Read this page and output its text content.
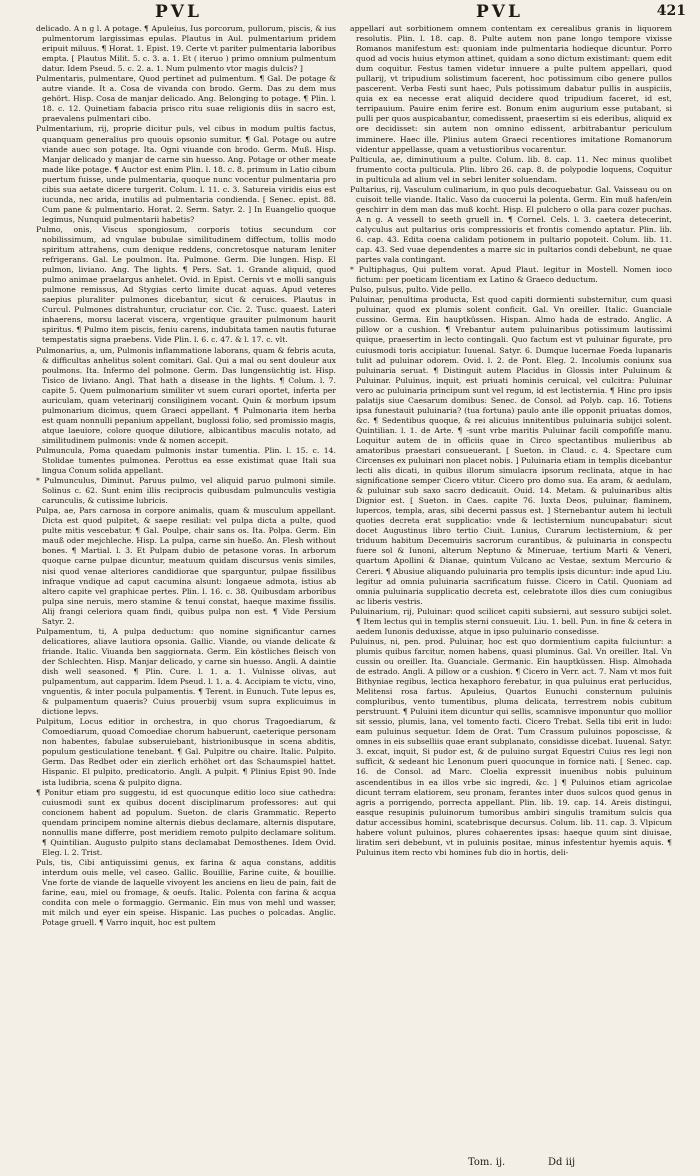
PVL	PVL	421

delicado. A n g l. A potage. ¶ Apuleius, Ius porcorum, pullorum, piscis, & ius pulmentorum largissimas epulas. Plautus in Aul. pulmentarium pridem eripuit miluus. ¶ Horat. 1. Epist. 19. Certe vt pariter pulmentaria laboribus empta. [ Plautus Milit. 5. c. 3. a. 1. Et ( iteruo ) primo omnium pulmentum datur. Idem Pseud. 5. c. 2. a. 1. Num pulmento vtor magis dulcis? ]

Pulmentaris, pulmentare, Quod pertinet ad pulmentum. ¶ Gal. De potage & autre viande. It a. Cosa de vivanda con brodo. Germ. Das zu dem mus gehört. Hisp. Cosa de manjar delicado. Ang. Belonging to potage. ¶ Plin. l. 18. c. 12. Quinetiam fabacia prisco ritu suae religionis diis in sacro est, praevalens pulmentari cibo.

Pulmentarium, rij, proprie dicitur puls, vel cibus in modum pultis factus, quanquam generalius pro quouis opsonio sumitur. ¶ Gal. Potage ou autre viande auec son potage. Ita. Ogni viuande con brodo. Germ. Muß. Hisp. Manjar delicado y manjar de carne sin huesso. Ang. Potage or other meate made like potage. ¶ Auctor est enim Plin. l. 18. c. 8. primum in Latio cibum puertum fuisse, unde pulmentaria, quoque nunc vocentur pulmentaria pro cibis sua aetate dicere turgerit. Colum. l. 11. c. 3. Satureia viridis eius est iucunda, nec arida, inutilis ad pulmentaria condienda. [ Senec. epist. 88. Cum pane & pulmentario. Horat. 2. Serm. Satyr. 2. ] In Euangelio quoque legimus, Nunquid pulmentarii habetis?

Pulmo, onis, Viscus spongiosum, corporis totius secundum cor nobilissimum, ad vngulae bubulae similitudinem diffectum, tollis modo spiritum attrahens, cum denique reddens, concretosque naturam leniter refrigerans. Gal. Le poulmon. Ita. Pulmone. Germ. Die lungen. Hisp. El pulmon, liviano. Ang. The lights. ¶ Pers. Sat. 1. Grande aliquid, quod pulmo animae praelargus anhelet. Ovid. in Epist. Cernis vt e molli sanguis pulmone remissus, Ad Stygias certo limite ducat aquas. Apud veteres saepius pluraliter pulmones dicebantur, sicut & ceruices. Plautus in Curcul. Pulmones distrahuntur, cruciatur cor. Cic. 2. Tusc. quaest. Lateri inhaerens, morsu lacerat viscera, vrgentique grauiter pulmonum haurit spiritus. ¶ Pulmo item piscis, feniu carens, indubitata tamen nautis futurae tempestatis signa praebens. Vide Plin. l. 6. c. 47. & l. 17. c. vlt.

Pulmonarius, a, um, Pulmonis inflammatione laborans, quam & febris acuta, & difficultas anhelitus solent comitari. Gal. Qui a mal ou sent douleur aux poulmons. Ita. Infermo del polmone. Germ. Das lungensüchtig ist. Hisp. Tisico de liviano. Angl. That hath a disease in the lights. ¶ Colum. l. 7. capite 5. Quem pulmonarium similiter vt suem curari oportet, inferta per auriculam, quam veterinarij consiliginem vocant. Quin & morbum ipsum pulmonarium dicimus, quem Graeci appellant. ¶ Pulmonaria item herba est quam nonnulli pepanium appellant, buglossi folio, sed promissio magis, atque laeuiore, colore quoque dilutiore, albicantibus maculis notato, ad similitudinem pulmonis: vnde & nomen accepit.

Pulmuncula, Poma quaedam pulmonis instar tumentia. Plin. l. 15. c. 14. Stolidae tumentes pulmonea. Perottus ea esse existimat quae Itali sua lingua Conum solida appellant.

* Pulmunculus, Diminut. Paruus pulmo, vel aliquid paruo pulmoni simile. Solinus c. 62. Sunt enim illis reciprocis quibusdam pulmunculis vestigia carunculis, & cutissime lubricis.

Pulpa, ae, Pars carnosa in corpore animalis, quam & musculum appellant. Dicta est quod pulpitet, & saepe resiliat: vel pulpa dicta a pulte, quod pulte mitis vescebatur. ¶ Gal. Poulpe, chair sans os. Ita. Polpa. Germ. Ein mauß oder mejchleche. Hisp. La pulpa, carne sin hueßo. An. Flesh without bones. ¶ Martial. l. 3. Et Pulpam dubio de petasone voras. In arborum quoque carne pulpae dicuntur, meatuum quidam discursus venis similes, nisi quod venae alteriores candidiorae que sparguntur, pulpae fissilibus infraque vndique ad caput cacumina alsunt: longaeue admota, istius ab altero capite vel graphicae pertes. Plin. l. 16. c. 38. Quibusdam arboribus pulpa sine neruis, mero stamine & tenui constat, haeque maxime fissilis. Alij frangi celeriora quam findi, quibus pulpa non est. ¶ Vide Persium Satyr. 2.

Pulpamentum, ti, A pulpa deductum: quo nomine significantur carnes delicatiores, aliave lautiora opsonia. Gallic. Viande, ou viande delicate & friande. Italic. Viuanda ben saggiornata. Germ. Ein köstliches fleisch von der Schlechten. Hisp. Manjar delicado, y carne sin huesso. Angli. A daintie dish well seasoned. ¶ Plin. Cure. l. 1. a. 1. Vulnisse olivas, aut pulpamentum, aut capparim. Idem Pseud. l. 1. a. 4. Accipiam te victu, vino, vnguentis, & inter pocula pulpamentis. ¶ Terent. in Eunuch. Tute lepus es, & pulpamentum quaeris? Cuius prouerbij vsum supra explicuimus in dictione lepvs.

Pulpitum, Locus editior in orchestra, in quo chorus Tragoediarum, & Comoediarum, quoad Comoediae chorum habuerunt, caeterique personam non habentes, fabulae subseruiebant, histrionibusque in scena abditis, populum gesticulatione tenebant. ¶ Gal. Pulpitre ou chaire. Italic. Pulpito. Germ. Das Redbet oder ein zierlich erhöhet ort das Schaumspiel hattet. Hispanic. El pulpito, predicatorio. Angli. A pulpit. ¶ Plinius Epist 90. Inde ista ludibria, scena & pulpito digna.

¶ Ponitur etiam pro suggestu, id est quocunque editio loco siue cathedra: cuiusmodi sunt ex quibus docent disciplinarum professores: aut qui concionem habent ad populum. Sueton. de claris Grammatic. Reperto quendam principem nomine alternis diebus declamare, alternis disputare, nonnullis mane differre, post meridiem remoto pulpito declamare solitum. ¶ Quintilian. Augusto pulpito stans declamabat Demosthenes. Idem Ovid. Eleg. l. 2. Trist.

Puls, tis, Cibi antiquissimi genus, ex farina & aqua constans, additis interdum ouis melle, vel caseo. Gallic. Bouillie, Farine cuite, & bouillie. Vne forte de viande de laquelle vivoyent les anciens en lieu de pain, fait de farine, eau, miel ou fromage, & oeufs. Italic. Polenta con farina & acqua condita con mele o formaggio. Germanic. Ein mus von mehl und wasser, mit milch und eyer ein speise. Hispanic. Las puches o polcadas. Anglic. Potage gruell. ¶ Varro inquit, hoc est pultem

appellari aut sorbitionem omnem contentam ex cerealibus granis in liquorem resolutis. Plin. l. 18. cap. 8. Pulte autem non pane longo tempore vixisse Romanos manifestum est: quoniam inde pulmentaria hodieque dicuntur. Porro quod ad vocis huius etymon attinet, quidam a sono dictum existimant: quem edit dum coquitur. Festus tamen videtur innuere a pulte pultem appellari, quod pullarij, vt tripudium solistimum facerent, hoc potissimum cibo genere pullos pascerent. Verba Festi sunt haec, Puls potissimum dabatur pullis in auspiciis, quia ex ea necesse erat aliquid decidere quod tripudium faceret, id est, terripauium. Pauire enim ferire est. Bonum enim augurium esse putabant, si pulli per quos auspicabantur, comedissent, praesertim si eis ederibus, aliquid ex ore decidisset: sin autem non omnino edissent, arbitrabantur periculum imminere. Haec ille. Plinius autem Graeci recentiores imitatione Romanorum videntur appellasse, quam a vetustioribus vocarentur.

Pulticula, ae, diminutiuum a pulte. Colum. lib. 8. cap. 11. Nec minus quolibet frumento cocta pulticula. Plin. libro 26. cap. 8. de polypodie loquens, Coquitur in pulticula ad alium vel in sebri leniter soluendam.

Pultarius, rij, Vasculum culinarium, in quo puls decoquebatur. Gal. Vaisseau ou on cuisoit telle viande. Italic. Vaso da cuocerui la polenta. Germ. Ein muß hafen/ein geschirr in dem man das muß kocht. Hisp. El pulchero o olla para cozer puchas. A n g. A vessell to seeth gruell in. ¶ Cornel. Cels. l. 3. caetera detecerint, calyculus aut pultarius oris compressioris et frontis comendo aptatur. Plin. lib. 6. cap. 43. Edita coena calidam potionem in pultario popoteit. Colum. lib. 11. cap. 43. Sed vuae dependentes a marre sic in pultarios condi debebunt, ne quae partes vala contingant.

* Pultiphagus, Qui pultem vorat. Apud Plaut. legitur in Mostell. Nomen ioco fictum: per poeticam licentiam ex Latino & Graeco deductum.

Pulso, pulsus, pulto. Vide pello.

Puluinar, penultima producta, Est quod capiti dormienti substernitur, cum quasi puluinar, quod ex plumis solent conficit. Gal. Vn oreiller. Italic. Guanciale cussino. Germa. Ein hauptküssen. Hispan. Almo hada de estrado. Anglic. A pillow or a cushion. ¶ Vrebantur autem puluinaribus potissimum lautissimi quique, praesertim in lecto contingali. Quo factum est vt puluinar figurate, pro cuiusmodi toris accipiatur. Iuuenal. Satyr. 6. Dumque lucernae Foeda lupanaris tulit ad puluinar odorem. Ovid. l. 2. de Pont. Eleg. 2. Incolumis coniunx sua puluinaria seruat. ¶ Distinguit autem Placidus in Glossis inter Puluinum & Puluinar. Puluinus, inquit, est priuati hominis ceruical, vel culcitra: Puluinar vero ac puluinaria principum sunt vel regum, id est lectisternia. ¶ Hinc pro ipsis palatijs siue Caesarum domibus: Senec. de Consol. ad Polyb. cap. 16. Totiens ipsa funestauit puluinaria? (tua fortuna) paulo ante ille opponit priuatas domos, &c. ¶ Sedentibus quoque, & rei alicuius innitentibus puluinaria subijci solent. Quintilian. l. 1. de Arte. ¶ -sunt vrbe maritis Puluinar facili compofiſſe manu. Loquitur autem de in officiis quae in Circo spectantibus mulieribus ab amatoribus praestari consueuerant. [ Sueton. in Claud. c. 4. Spectare cum Circenses ex puluinari non placet nobis. ] Puluinaria etiam in templis dicebantur lecti alis dicati, in quibus illorum simulacra ipsorum reclinata, atque in hac significatione semper Cicero vtitur. Cicero pro domo sua. Ea aram, & aedulam, & puluinar sub saxo sacro dedicauit. Ouid. 14. Metam. & puluinaribus altis Dignior est. [ Sueton. in Caes. capite 76. Iuxta Deos, puluinar, flaminem, lupercos, templa, aras, sibi decerni passus est. ] Sternebantur autem hi lectuli quoties decreta erat supplicatio: vnde & lectisternium nuncupabatur: sicut docet Augustinus libro tertio Ciuit. Lunius, Curarum lectisternium, & per triduum habitum Decemuiris sacrorum curantibus, & puluinaria in conspectu fuere sol & Iunoni, alterum Neptuno & Mineruae, tertium Marti & Veneri, quartum Apollini & Dianae, quintum Vulcano ac Vestae, sextum Mercurio & Cereri. ¶ Abusiue aliquando puluinaria pro templis ipsis dicuntur: inde apud Liu. legitur ad omnia puluinaria sacrificatum fuisse. Cicero in Catil. Quoniam ad omnia puluinaria supplicatio decreta est, celebratote illos dies cum coniugibus ac liberis vestris.

Puluinarium, rij, Puluinar: quod scilicet capiti subsierni, aut sessuro subijci solet. ¶ Item lectus qui in templis sterni consueuit. Liu. 1. bell. Pun. in fine & cetera in aedem Iunonis deduxisse, atque in ipso puluinario consedisse.

Puluinus, ni, pen. prod. Puluinar, hoc est quo dormientium capita fulciuntur: a plumis quibus farcitur, nomen habens, quasi pluminus. Gal. Vn oreiller. Ital. Vn cussin ou oreiller. Ita. Guanciale. Germanic. Ein hauptküssen. Hisp. Almohada de estrado. Angli. A pillow or a cushion. ¶ Cicero in Verr. act. 7. Nam vt mos fuit Bithyniae regibus, lectica hexaphoro ferebatur, in qua puluinus erat perlucidus, Melitensi rosa fartus. Apuleius, Quartos Eunuchi consternum puluinis compluribus, vento tumentibus, pluma delicata, terrestrem nobis cubitum perstruunt. ¶ Puluini item dicuntur qui sellis, scamnisve imponuntur quo mollior sit sessio, plumis, lana, vel tomento facti. Cicero Trebat. Sella tibi erit in ludo: eam puluinus sequetur. Idem de Orat. Tum Crassum puluinos poposcisse, & omnes in eis subselliis quae erant subplanato, considisse dicebat. Iuuenal. Satyr. 3. excat, inquit, Si pudor est, & de puluino surgat Equestri Cuius res legi non sufficit, & sedeant hic Lenonum pueri quocunque in fornice nati. [ Senec. cap. 16. de Consol. ad Marc. Cloelia expressit inuenibus nobis puluinum ascendentibus in ea illos vrbe sic ingredi, &c. ] ¶ Puluinos etiam agricolae dicunt terram elatiorem, seu pronam, ferantes inter duos sulcos quod genus in agris a porrigendo, porrecta appellant. Plin. lib. 19. cap. 14. Areis distingui, easque resupinis puluinorum tumoribus ambiri singulis tramitum sulcis qua datur accessibus homini, scatebrisque decursus. Colum. lib. 11. cap. 3. Vlpicum habere volunt puluinos, plures cohaerentes ipsas: haeque quum sint diuisae, liratim seri debebunt, vt in puluinis positae, minus infestentur hyemis aquis. ¶ Puluinus item recto vbi homines fub dio in hortis, deli-

Tom. ij.	Dd iij
